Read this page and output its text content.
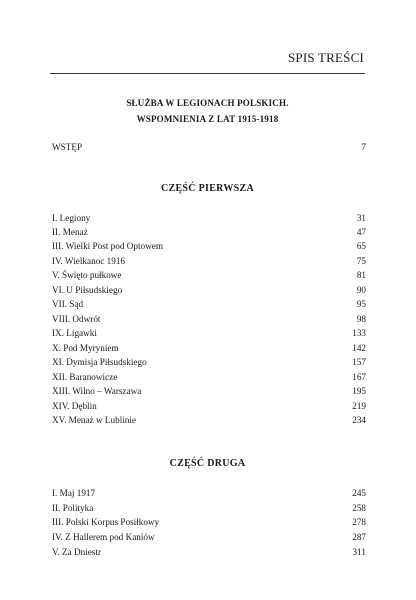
SPIS TREŚCI
SŁUŻBA W LEGIONACH POLSKICH.
WSPOMNIENIA Z LAT 1915-1918
WSTĘP	7
CZĘŚĆ PIERWSZA
I. Legiony	31
II. Menaż	47
III. Wielki Post pod Optowem	65
IV. Wielkanoc 1916	75
V. Święto pułkowe	81
VI. U Piłsudskiego	90
VII. Sąd	95
VIII. Odwrót	98
IX. Ligawki	133
X. Pod Myryniem	142
XI. Dymisja Piłsudskiego	157
XII. Baranowicze	167
XIII. Wilno – Warszawa	195
XIV. Dęblin	219
XV. Menaż w Lublinie	234
CZĘŚĆ DRUGA
I. Maj 1917	245
II. Polityka	258
III. Polski Korpus Posiłkowy	278
IV. Z Hallerem pod Kaniów	287
V. Za Dniestr	311
